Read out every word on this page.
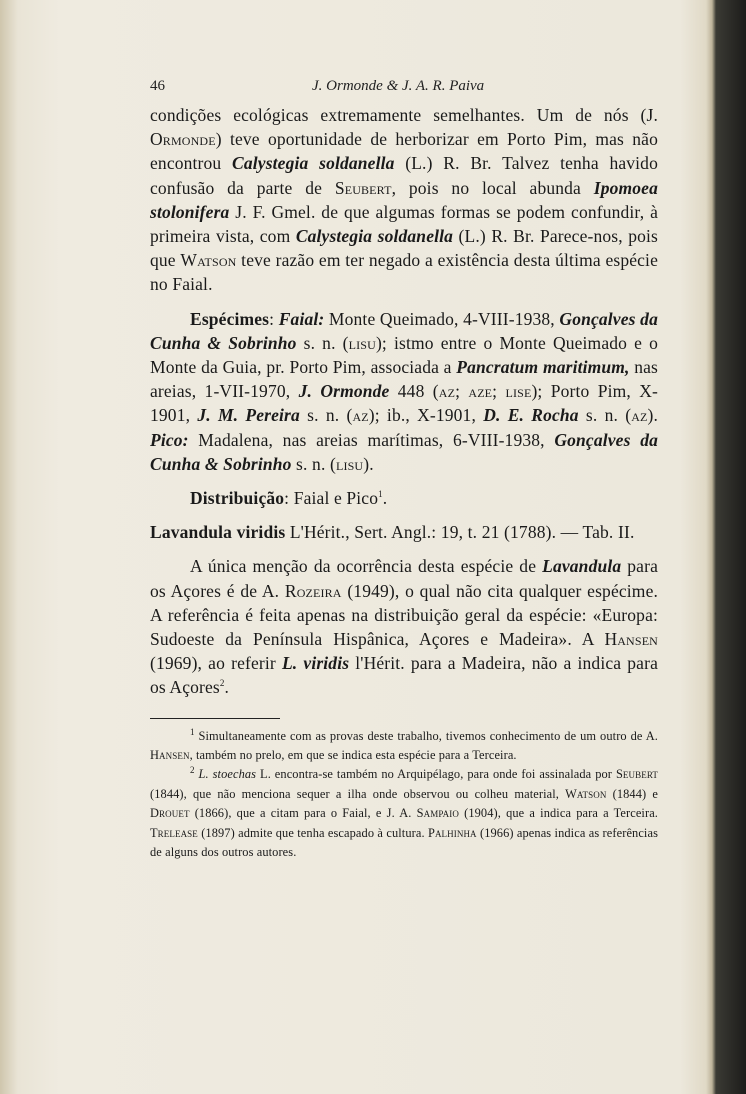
46	J. Ormonde & J. A. R. Paiva

condições ecológicas extremamente semelhantes. Um de nós (J. Ormonde) teve oportunidade de herborizar em Porto Pim, mas não encontrou Calystegia soldanella (L.) R. Br. Talvez tenha havido confusão da parte de Seubert, pois no local abunda Ipomoea stolonifera J. F. Gmel. de que algumas formas se podem confundir, à primeira vista, com Calystegia soldanella (L.) R. Br. Parece-nos, pois que Watson teve razão em ter negado a existência desta última espécie no Faial.

Espécimes: Faial: Monte Queimado, 4-VIII-1938, Gonçalves da Cunha & Sobrinho s. n. (lisu); istmo entre o Monte Queimado e o Monte da Guia, pr. Porto Pim, associada a Pancratum maritimum, nas areias, 1-VII-1970, J. Ormonde 448 (az; aze; lise); Porto Pim, X-1901, J. M. Pereira s. n. (az); ib., X-1901, D. E. Rocha s. n. (az). Pico: Madalena, nas areias marítimas, 6-VIII-1938, Gonçalves da Cunha & Sobrinho s. n. (lisu).

Distribuição: Faial e Pico$^1$.

Lavandula viridis L'Hérit., Sert. Angl.: 19, t. 21 (1788). — Tab. II.

A única menção da ocorrência desta espécie de Lavandula para os Açores é de A. Rozeira (1949), o qual não cita qualquer espécime. A referência é feita apenas na distribuição geral da espécie: «Europa: Sudoeste da Península Hispânica, Açores e Madeira». A Hansen (1969), ao referir L. viridis l'Hérit. para a Madeira, não a indica para os Açores$^2$.

$^1$ Simultaneamente com as provas deste trabalho, tivemos conhecimento de um outro de A. Hansen, também no prelo, em que se indica esta espécie para a Terceira.

$^2$ L. stoechas L. encontra-se também no Arquipélago, para onde foi assinalada por Seubert (1844), que não menciona sequer a ilha onde observou ou colheu material, Watson (1844) e Drouet (1866), que a citam para o Faial, e J. A. Sampaio (1904), que a indica para a Terceira. Trelease (1897) admite que tenha escapado à cultura. Palhinha (1966) apenas indica as referências de alguns dos outros autores.
